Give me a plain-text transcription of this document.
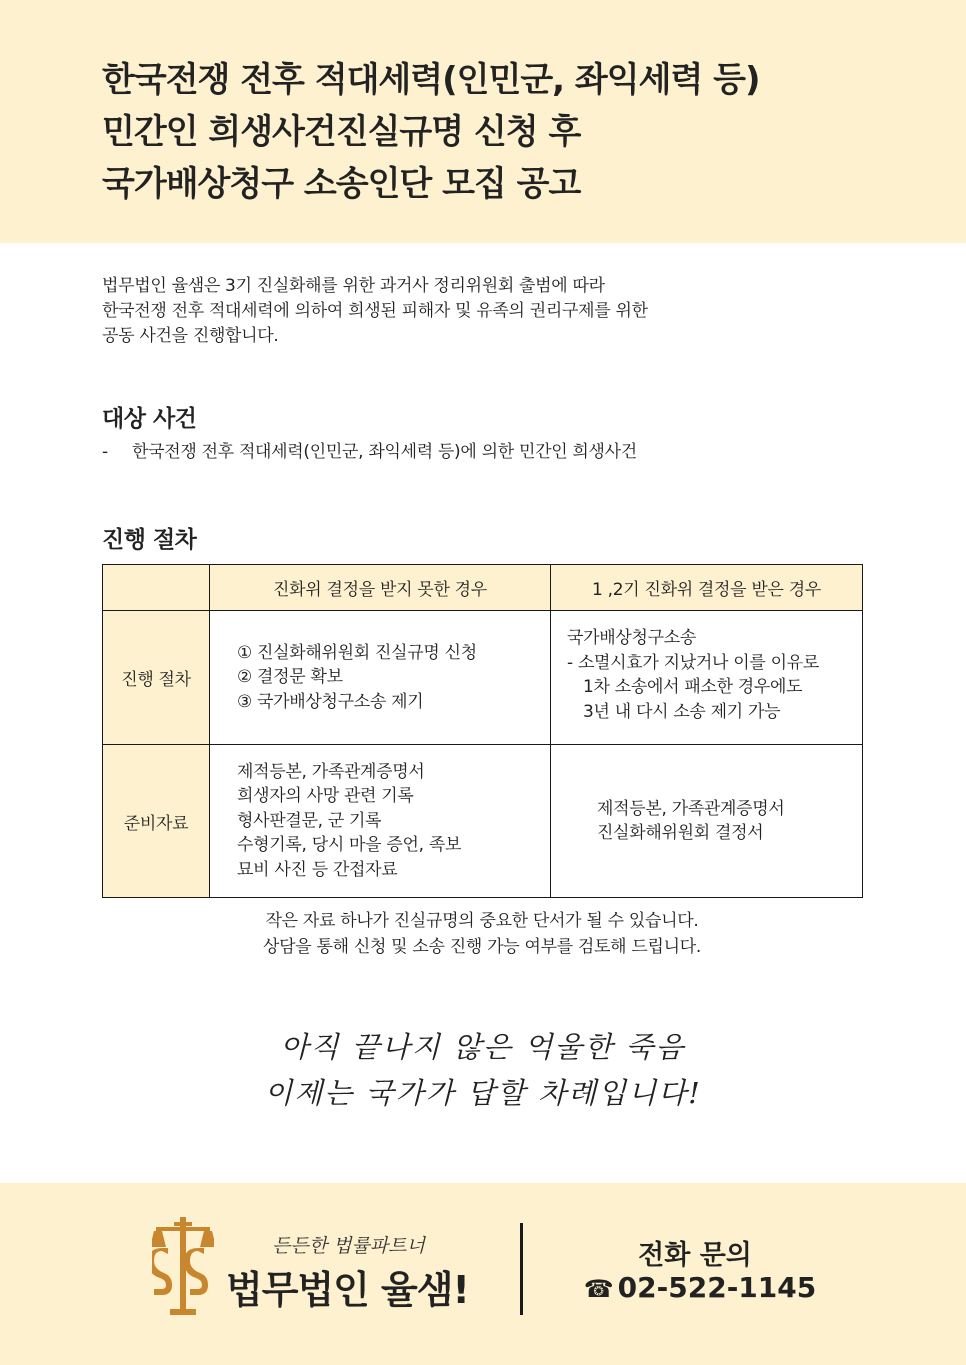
한국전쟁 전후 적대세력(인민군, 좌익세력 등)
민간인 희생사건진실규명 신청 후
국가배상청구 소송인단 모집 공고
법무법인 율샘은 3기 진실화해를 위한 과거사 정리위원회 출범에 따라
한국전쟁 전후 적대세력에 의하여 희생된 피해자 및 유족의 권리구제를 위한
공동 사건을 진행합니다.
대상 사건
- 한국전쟁 전후 적대세력(인민군, 좌익세력 등)에 의한 민간인 희생사건
진행 절차
	진화위 결정을 받지 못한 경우	1 ,2기 진화위 결정을 받은 경우
진행 절차	① 진실화해위원회 진실규명 신청
② 결정문 확보
③ 국가배상청구소송 제기	국가배상청구소송
- 소멸시효가 지났거나 이를 이유로
1차 소송에서 패소한 경우에도
3년 내 다시 소송 제기 가능

준비자료	제적등본, 가족관계증명서
희생자의 사망 관련 기록
형사판결문, 군 기록
수형기록, 당시 마을 증언, 족보
묘비 사진 등 간접자료	제적등본, 가족관계증명서
진실화해위원회 결정서
작은 자료 하나가 진실규명의 중요한 단서가 될 수 있습니다.
상담을 통해 신청 및 소송 진행 가능 여부를 검토해 드립니다.
아직 끝나지 않은 억울한 죽음
이제는 국가가 답할 차례입니다!
든든한 법률파트너
법무법인 율샘!
전화 문의
☎ 02-522-1145
